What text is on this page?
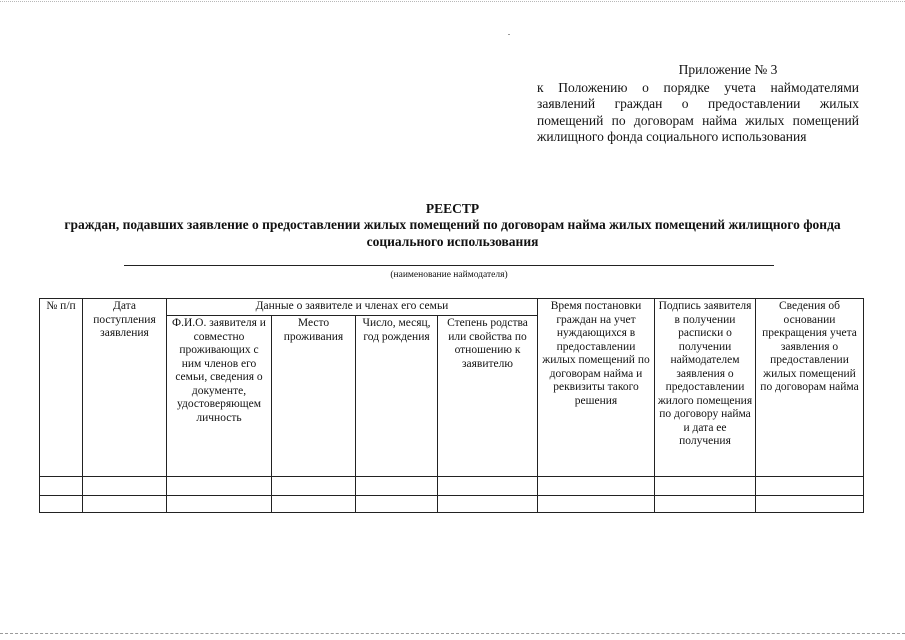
Приложение № 3
к Положению о порядке учета наймодателями заявлений граждан о предоставлении жилых помещений по договорам найма жилых помещений жилищного фонда социального использования
РЕЕСТР
граждан, подавших заявление о предоставлении жилых помещений по договорам найма жилых помещений жилищного фонда социального использования
(наименование наймодателя)
№ п/п	Дата поступления заявления	Данные о заявителе и членах его семьи				Время постановки граждан на учет нуждающихся в предоставлении жилых помещений по договорам найма и реквизиты такого решения	Подпись заявителя в получении расписки о получении наймодателем заявления о предоставлении жилого помещения по договору найма и дата ее получения	Сведения об основании прекращения учета заявления о предоставлении жилых помещений по договорам найма
		Ф.И.О. заявителя и совместно проживающих с ним членов его семьи, сведения о документе, удостоверяющем личность	Место проживания	Число, месяц, год рождения	Степень родства или свойства по отношению к заявителю			
